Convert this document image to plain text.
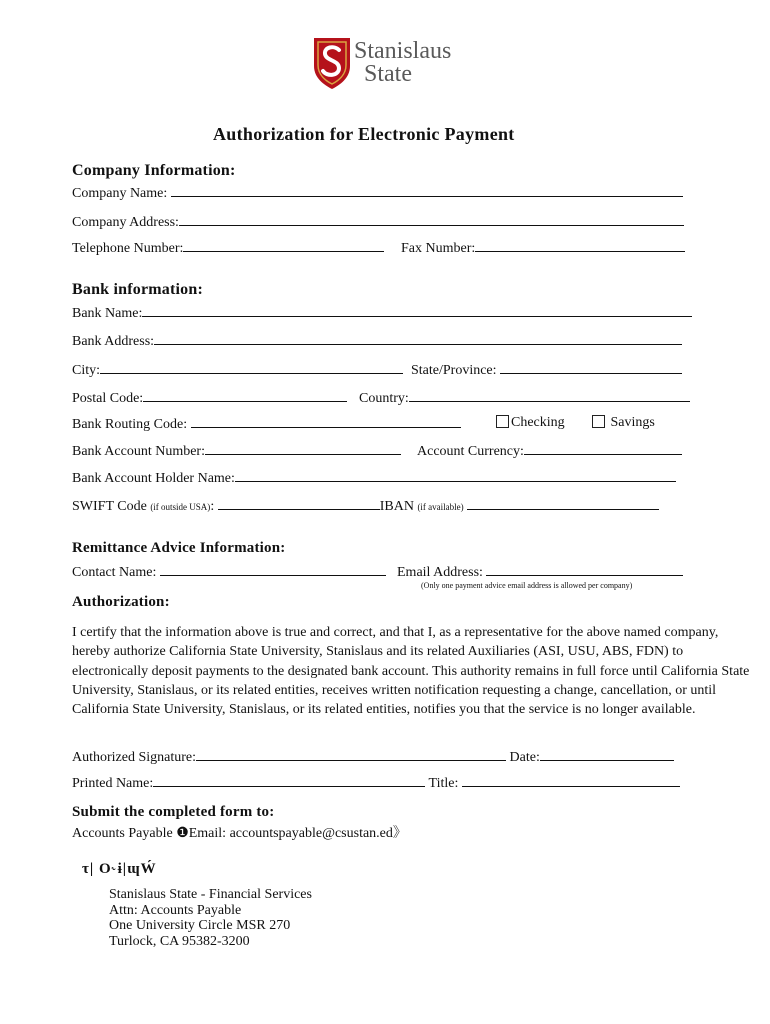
Stanislaus
State
Authorization for Electronic Payment
Company Information:
Company Name:
Company Address:
Telephone Number:	Fax Number:
Bank information:
Bank Name:
Bank Address:
City:	State/Province:
Postal Code:	Country:
Bank Routing Code:	Checking	Savings
Bank Account Number:	Account Currency:
Bank Account Holder Name:
SWIFT Code (if outside USA):	IBAN (if available)
Remittance Advice Information:
Contact Name:	Email Address:
(Only one payment advice email address is allowed per company)
Authorization:
I certify that the information above is true and correct, and that I, as a representative for the above named company, hereby authorize California State University, Stanislaus and its related Auxiliaries (ASI, USU, ABS, FDN) to electronically deposit payments to the designated bank account. This authority remains in full force until California State University, Stanislaus, or its related entities, receives written notification requesting a change, cancellation, or until California State University, Stanislaus, or its related entities, notifies you that the service is no longer available.
Authorized Signature:	Date:
Printed Name:	Title:
Submit the completed form to:
Accounts Payable ❶Email: accountspayable@csustan.ed》
τ| O˞ɨ|ɰẂ
Stanislaus State - Financial Services
Attn: Accounts Payable
One University Circle MSR 270
Turlock, CA 95382-3200
